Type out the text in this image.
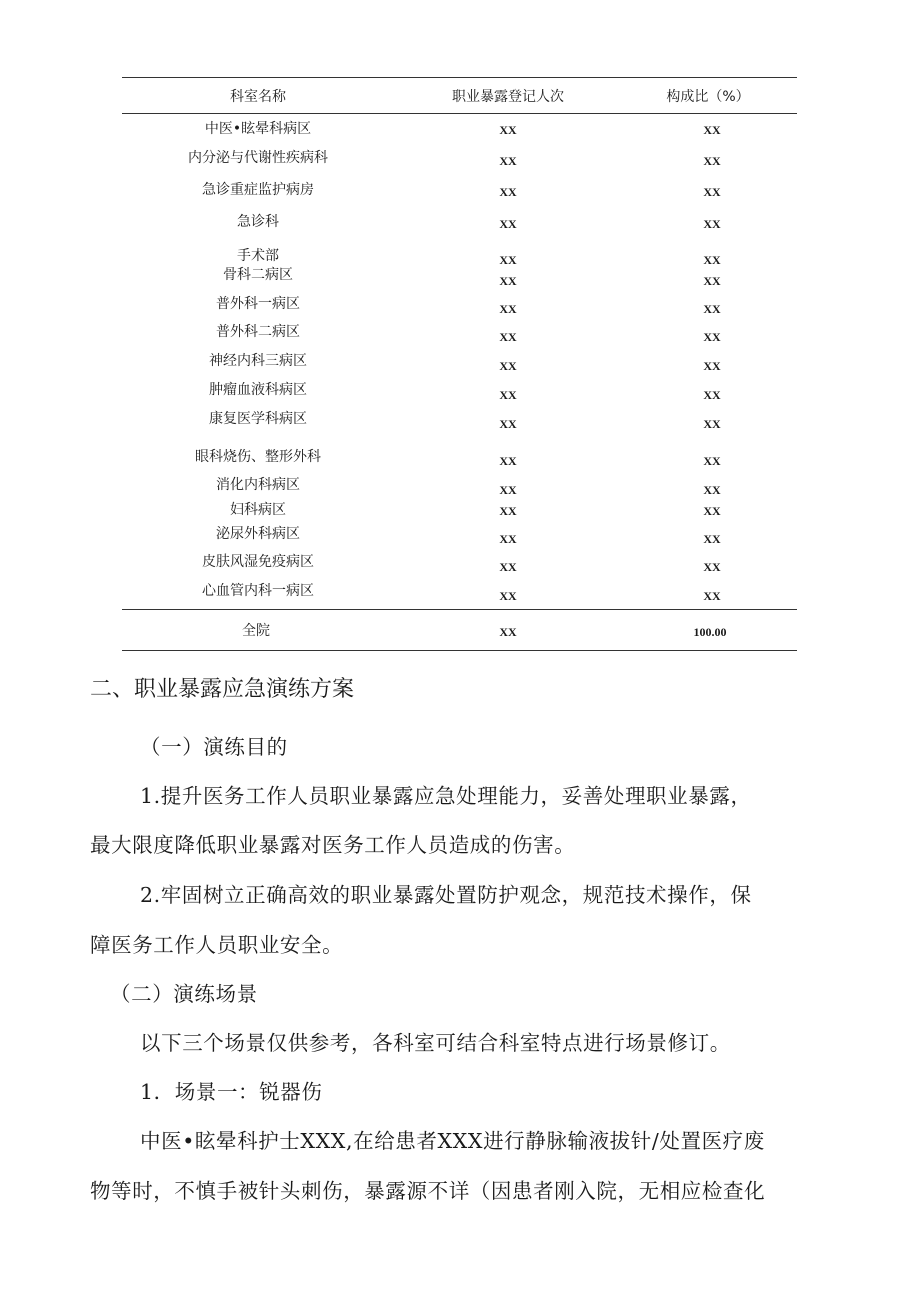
科室名称	职业暴露登记人次	构成比（%）
中医•眩晕科病区	XX	XX
内分泌与代谢性疾病科	XX	XX
急诊重症监护病房	XX	XX
急诊科	XX	XX
手术部	XX	XX
骨科二病区	XX	XX
普外科一病区	XX	XX
普外科二病区	XX	XX
神经内科三病区	XX	XX
肿瘤血液科病区	XX	XX
康复医学科病区	XX	XX
眼科烧伤、整形外科	XX	XX
消化内科病区	XX	XX
妇科病区	XX	XX
泌尿外科病区	XX	XX
皮肤风湿免疫病区	XX	XX
心血管内科一病区	XX	XX
全院	XX	100.00
二、职业暴露应急演练方案
（一）演练目的
1.提升医务工作人员职业暴露应急处理能力，妥善处理职业暴露，
最大限度降低职业暴露对医务工作人员造成的伤害。
2.牢固树立正确高效的职业暴露处置防护观念，规范技术操作，保
障医务工作人员职业安全。
（二）演练场景
以下三个场景仅供参考，各科室可结合科室特点进行场景修订。
1．场景一：锐器伤
中医•眩晕科护士XXX,在给患者XXX进行静脉输液拔针/处置医疗废
物等时，不慎手被针头刺伤，暴露源不详（因患者刚入院，无相应检查化
